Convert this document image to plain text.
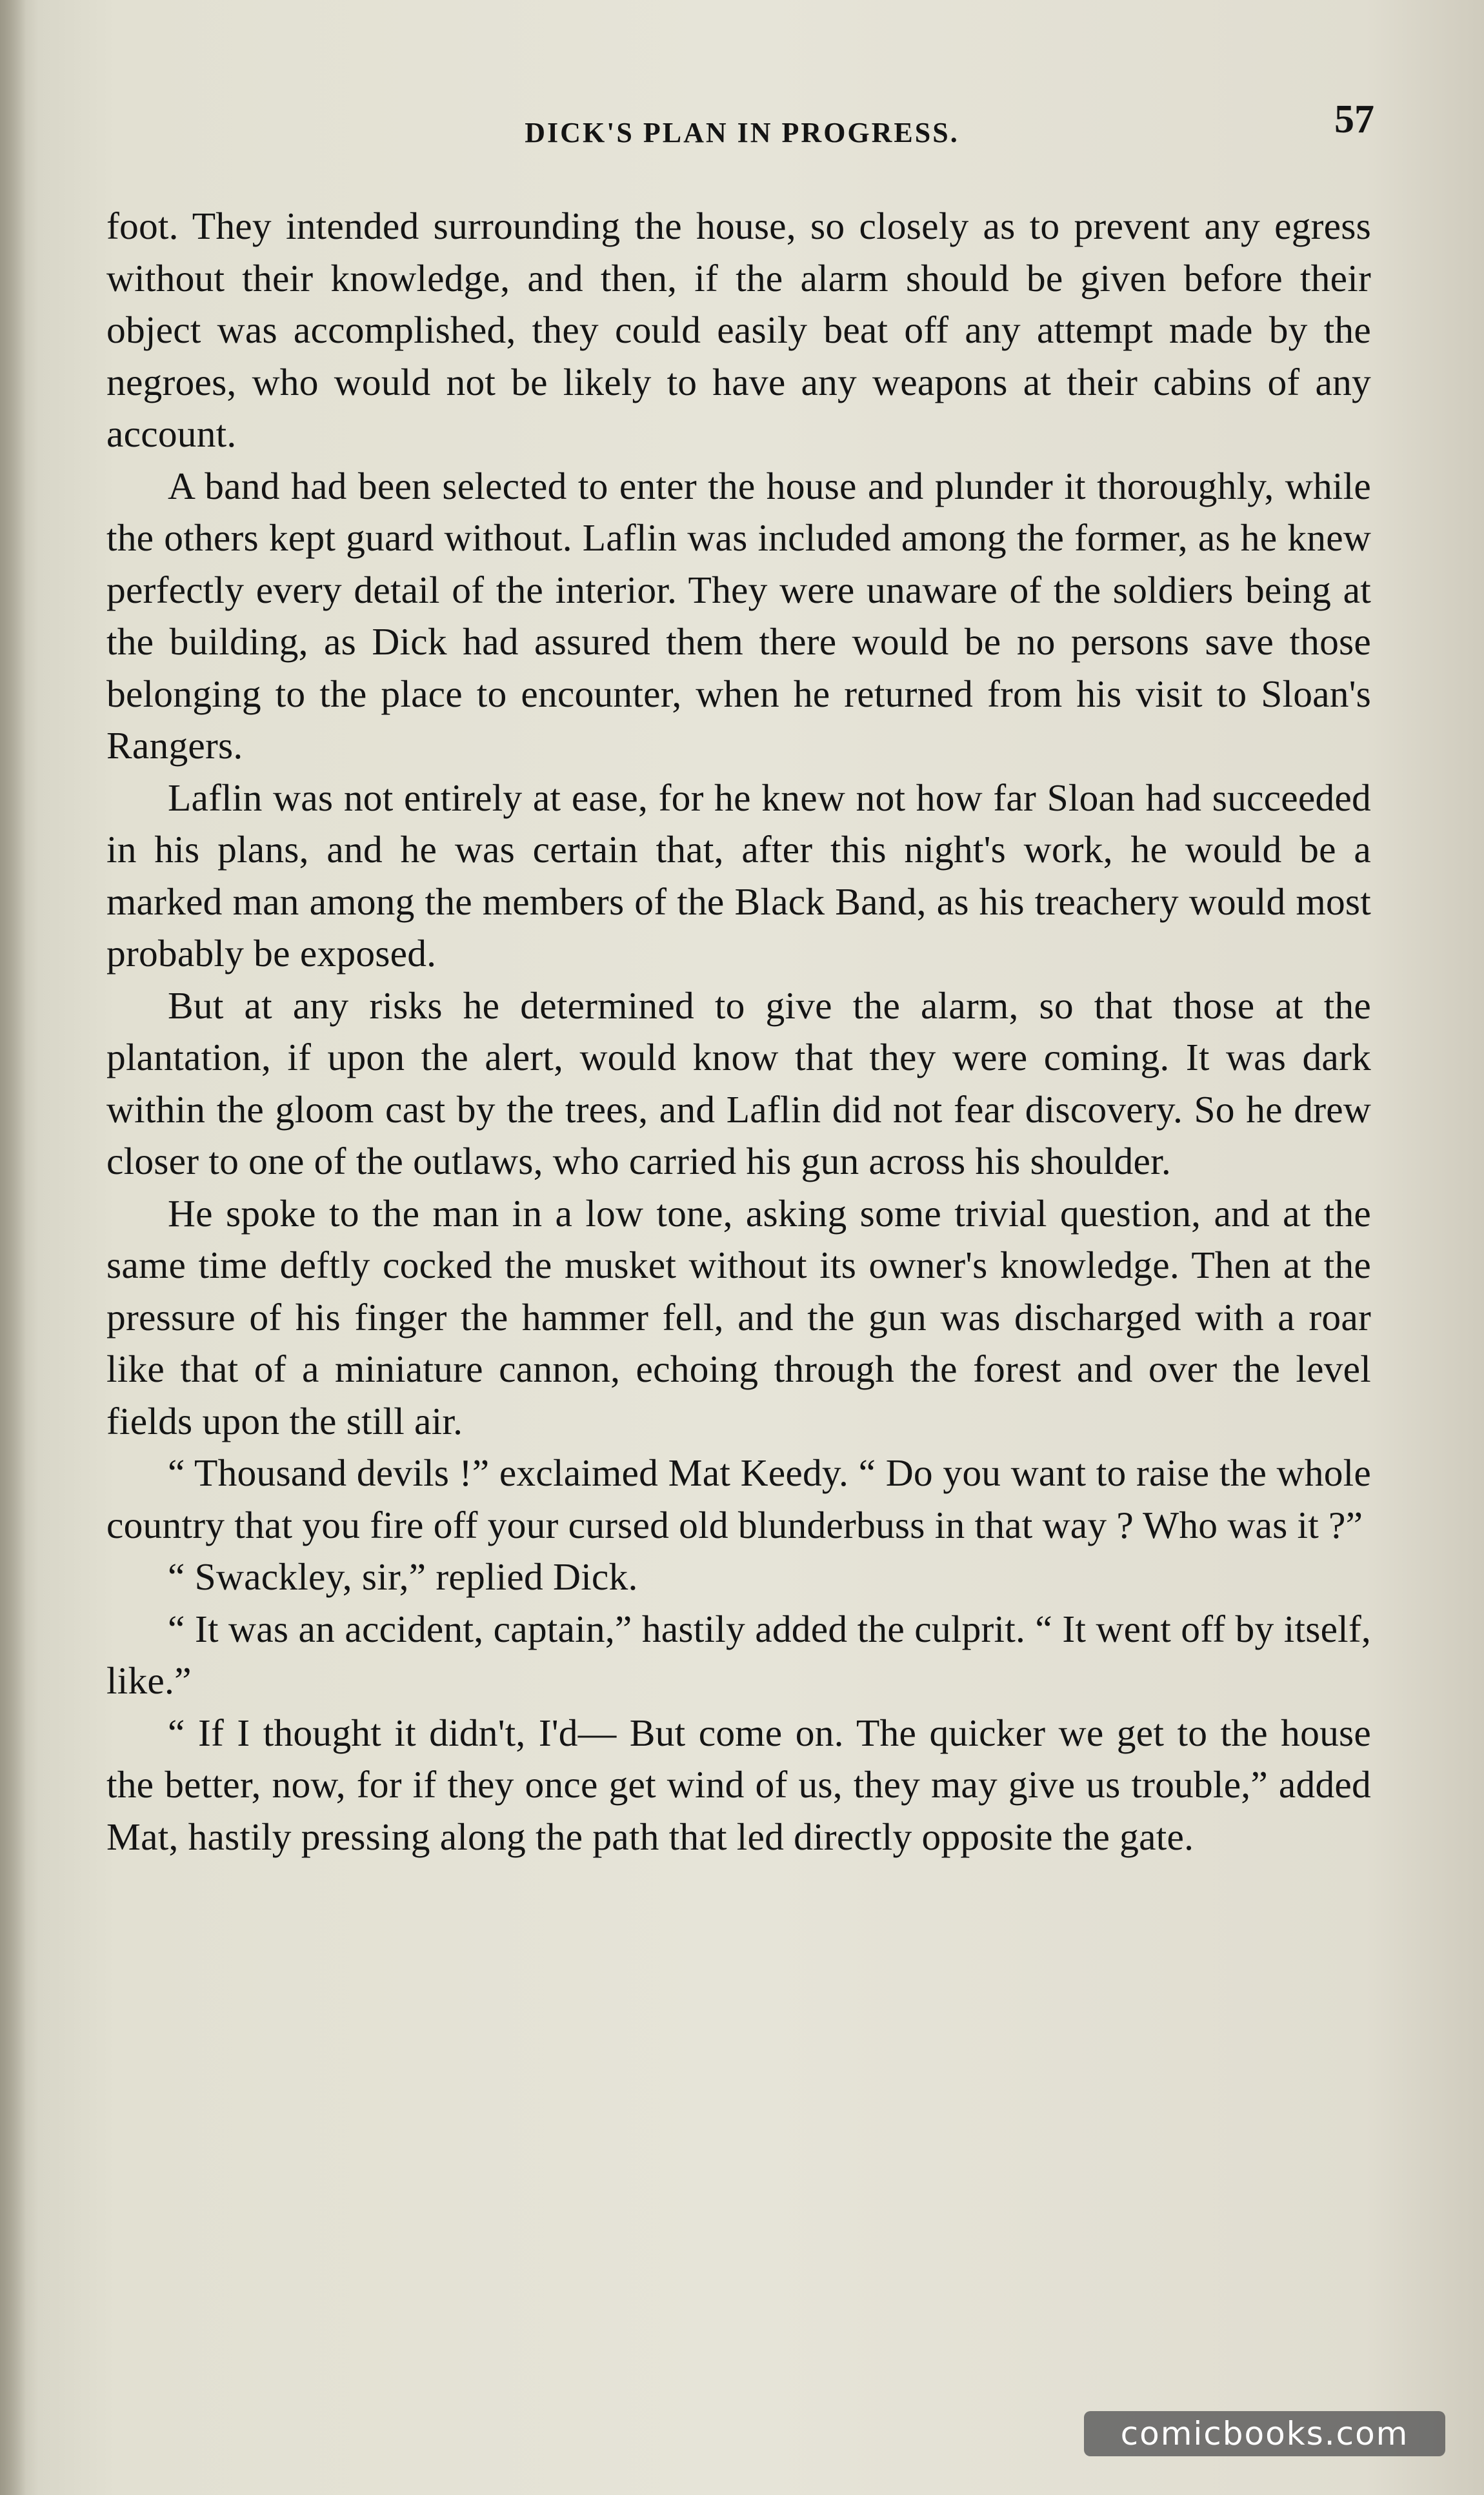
DICK'S PLAN IN PROGRESS.	57

foot. They intended surrounding the house, so closely as to prevent any egress without their knowledge, and then, if the alarm should be given before their object was accomplished, they could easily beat off any attempt made by the negroes, who would not be likely to have any weapons at their cabins of any account.

A band had been selected to enter the house and plunder it thoroughly, while the others kept guard without. Laflin was included among the former, as he knew perfectly every detail of the interior. They were unaware of the soldiers being at the building, as Dick had assured them there would be no persons save those belonging to the place to encounter, when he returned from his visit to Sloan's Rangers.

Laflin was not entirely at ease, for he knew not how far Sloan had succeeded in his plans, and he was certain that, after this night's work, he would be a marked man among the members of the Black Band, as his treachery would most probably be exposed.

But at any risks he determined to give the alarm, so that those at the plantation, if upon the alert, would know that they were coming. It was dark within the gloom cast by the trees, and Laflin did not fear discovery. So he drew closer to one of the outlaws, who carried his gun across his shoulder.

He spoke to the man in a low tone, asking some trivial question, and at the same time deftly cocked the musket without its owner's knowledge. Then at the pressure of his finger the hammer fell, and the gun was discharged with a roar like that of a miniature cannon, echoing through the forest and over the level fields upon the still air.

“ Thousand devils !” exclaimed Mat Keedy. “ Do you want to raise the whole country that you fire off your cursed old blunderbuss in that way ? Who was it ?”

“ Swackley, sir,” replied Dick.

“ It was an accident, captain,” hastily added the culprit. “ It went off by itself, like.”

“ If I thought it didn't, I'd— But come on. The quicker we get to the house the better, now, for if they once get wind of us, they may give us trouble,” added Mat, hastily pressing along the path that led directly opposite the gate.

comicbooks.com
